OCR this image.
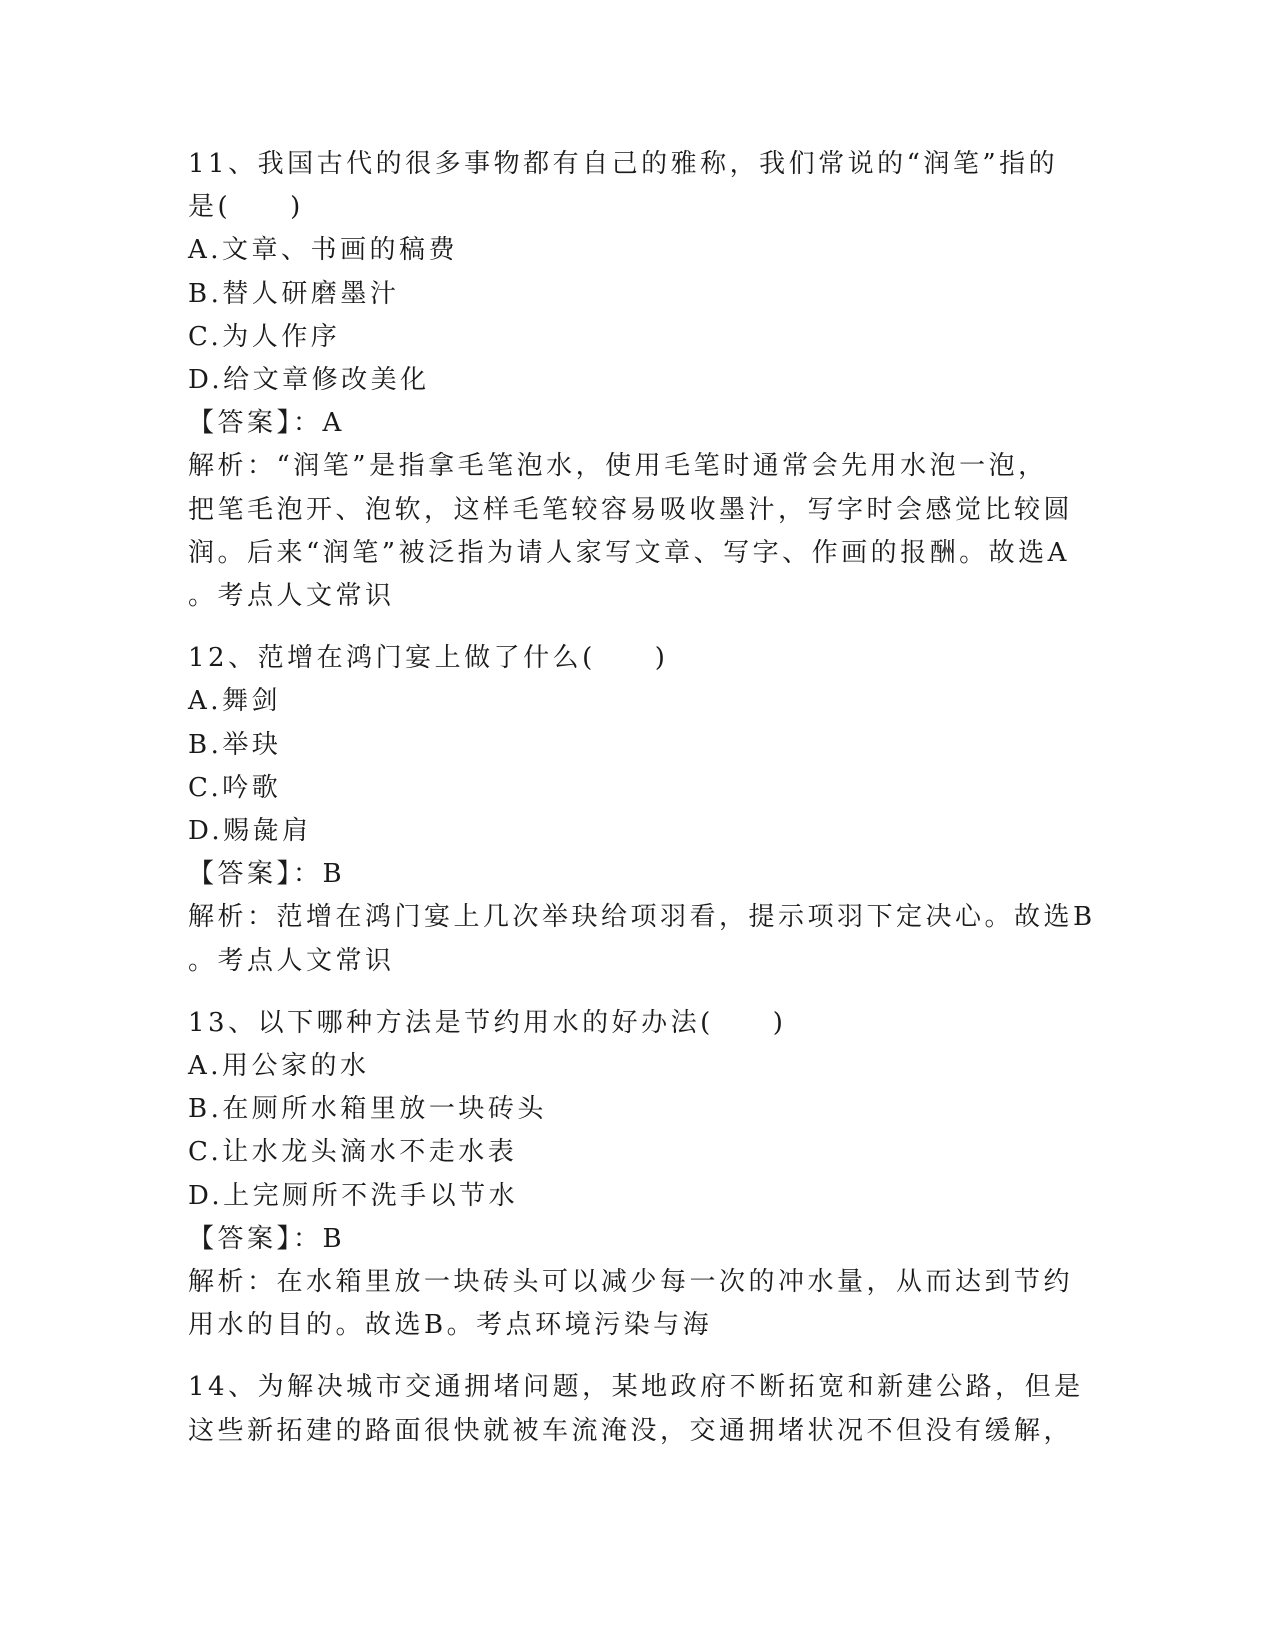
11、我国古代的很多事物都有自己的雅称，我们常说的“润笔”指的

是(　　)

A.文章、书画的稿费

B.替人研磨墨汁

C.为人作序

D.给文章修改美化

【答案】：A

解析：“润笔”是指拿毛笔泡水，使用毛笔时通常会先用水泡一泡，

把笔毛泡开、泡软，这样毛笔较容易吸收墨汁，写字时会感觉比较圆

润。后来“润笔”被泛指为请人家写文章、写字、作画的报酬。故选A

。考点人文常识

12、范增在鸿门宴上做了什么(　　)

A.舞剑

B.举玦

C.吟歌

D.赐彘肩

【答案】：B

解析：范增在鸿门宴上几次举玦给项羽看，提示项羽下定决心。故选B

。考点人文常识

13、以下哪种方法是节约用水的好办法(　　)

A.用公家的水

B.在厕所水箱里放一块砖头

C.让水龙头滴水不走水表

D.上完厕所不洗手以节水

【答案】：B

解析：在水箱里放一块砖头可以减少每一次的冲水量，从而达到节约

用水的目的。故选B。考点环境污染与海

14、为解决城市交通拥堵问题，某地政府不断拓宽和新建公路，但是

这些新拓建的路面很快就被车流淹没，交通拥堵状况不但没有缓解，
